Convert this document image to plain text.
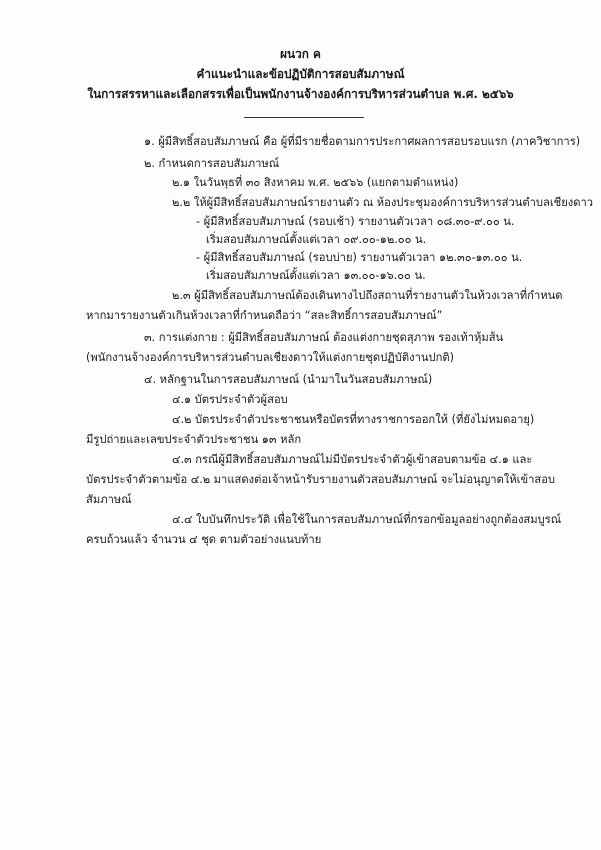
ผนวก ค
คำแนะนำและข้อปฏิบัติการสอบสัมภาษณ์
ในการสรรหาและเลือกสรรเพื่อเป็นพนักงานจ้างองค์การบริหารส่วนตำบล พ.ศ. ๒๕๖๖
๑. ผู้มีสิทธิ์สอบสัมภาษณ์ คือ ผู้ที่มีรายชื่อตามการประกาศผลการสอบรอบแรก (ภาควิชาการ)
๒. กำหนดการสอบสัมภาษณ์
๒.๑ ในวันพุธที่ ๓๐ สิงหาคม พ.ศ. ๒๕๖๖ (แยกตามตำแหน่ง)
๒.๒ ให้ผู้มีสิทธิ์สอบสัมภาษณ์รายงานตัว ณ ห้องประชุมองค์การบริหารส่วนตำบลเชียงดาว
- ผู้มีสิทธิ์สอบสัมภาษณ์ (รอบเช้า) รายงานตัวเวลา ๐๘.๓๐-๙.๐๐ น.
เริ่มสอบสัมภาษณ์ตั้งแต่เวลา ๐๙.๐๐-๑๒.๐๐ น.
- ผู้มีสิทธิ์สอบสัมภาษณ์ (รอบบ่าย) รายงานตัวเวลา ๑๒.๓๐-๑๓.๐๐ น.
เริ่มสอบสัมภาษณ์ตั้งแต่เวลา ๑๓.๐๐-๑๖.๐๐ น.
๒.๓ ผู้มีสิทธิ์สอบสัมภาษณ์ต้องเดินทางไปถึงสถานที่รายงานตัวในห้วงเวลาที่กำหนด
หากมารายงานตัวเกินห้วงเวลาที่กำหนดถือว่า “สละสิทธิ์การสอบสัมภาษณ์”
๓. การแต่งกาย : ผู้มีสิทธิ์สอบสัมภาษณ์ ต้องแต่งกายชุดสุภาพ รองเท้าหุ้มส้น
(พนักงานจ้างองค์การบริหารส่วนตำบลเชียงดาวให้แต่งกายชุดปฏิบัติงานปกติ)
๔. หลักฐานในการสอบสัมภาษณ์ (นำมาในวันสอบสัมภาษณ์)
๔.๑ บัตรประจำตัวผู้สอบ
๔.๒ บัตรประจำตัวประชาชนหรือบัตรที่ทางราชการออกให้ (ที่ยังไม่หมดอายุ)
มีรูปถ่ายและเลขประจำตัวประชาชน ๑๓ หลัก
๔.๓ กรณีผู้มีสิทธิ์สอบสัมภาษณ์ไม่มีบัตรประจำตัวผู้เข้าสอบตามข้อ ๔.๑ และ
บัตรประจำตัวตามข้อ ๔.๒ มาแสดงต่อเจ้าหน้ารับรายงานตัวสอบสัมภาษณ์ จะไม่อนุญาตให้เข้าสอบ
สัมภาษณ์
๔.๔ ใบบันทึกประวัติ เพื่อใช้ในการสอบสัมภาษณ์ที่กรอกข้อมูลอย่างถูกต้องสมบูรณ์
ครบถ้วนแล้ว จำนวน ๔ ชุด ตามตัวอย่างแนบท้าย
